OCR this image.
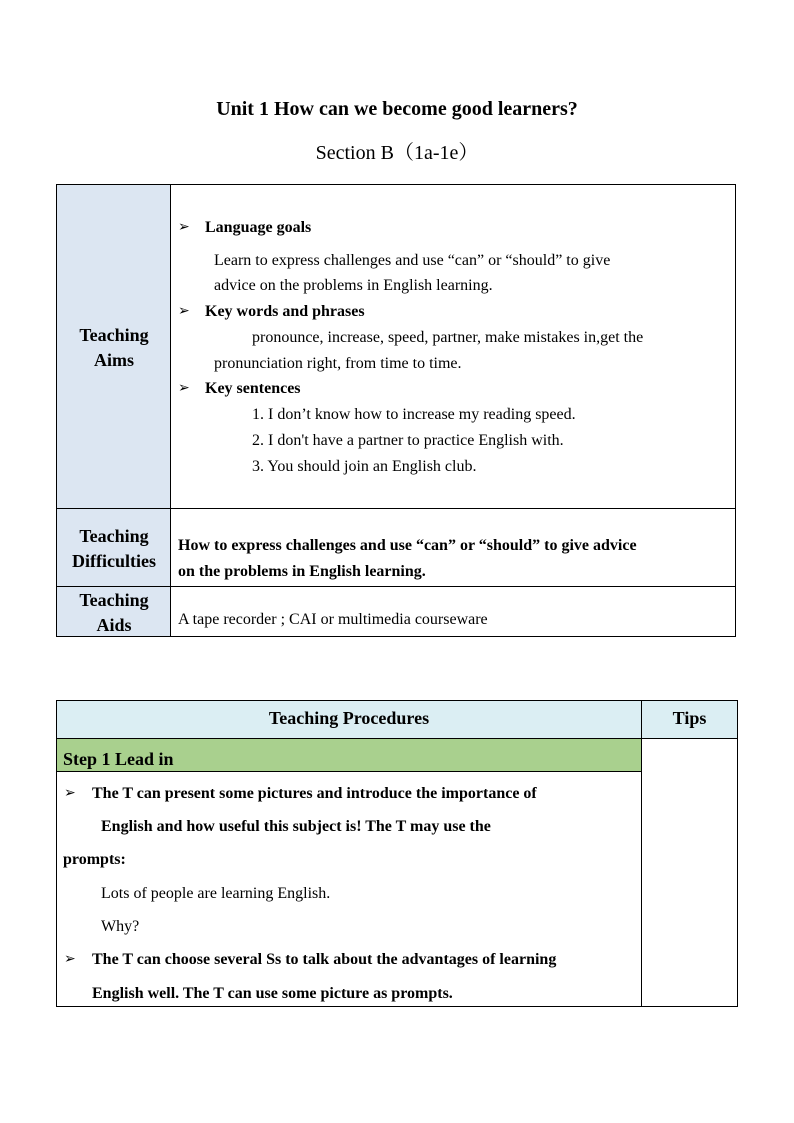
Unit 1 How can we become good learners?
Section B（1a-1e）
Teaching
Aims
➢ Language goals
Learn to express challenges and use “can” or “should” to give
advice on the problems in English learning.
➢ Key words and phrases
pronounce, increase, speed, partner, make mistakes in,get the
pronunciation right, from time to time.
➢ Key sentences
1. I don’t know how to increase my reading speed.
2. I don't have a partner to practice English with.
3. You should join an English club.
Teaching
Difficulties
How to express challenges and use “can” or “should” to give advice
on the problems in English learning.
Teaching
Aids	A tape recorder ; CAI or multimedia courseware
Teaching Procedures	Tips
Step 1 Lead in
➢ The T can present some pictures and introduce the importance of
English and how useful this subject is! The T may use the
prompts:
Lots of people are learning English.
Why?
➢ The T can choose several Ss to talk about the advantages of learning
English well. The T can use some picture as prompts.
